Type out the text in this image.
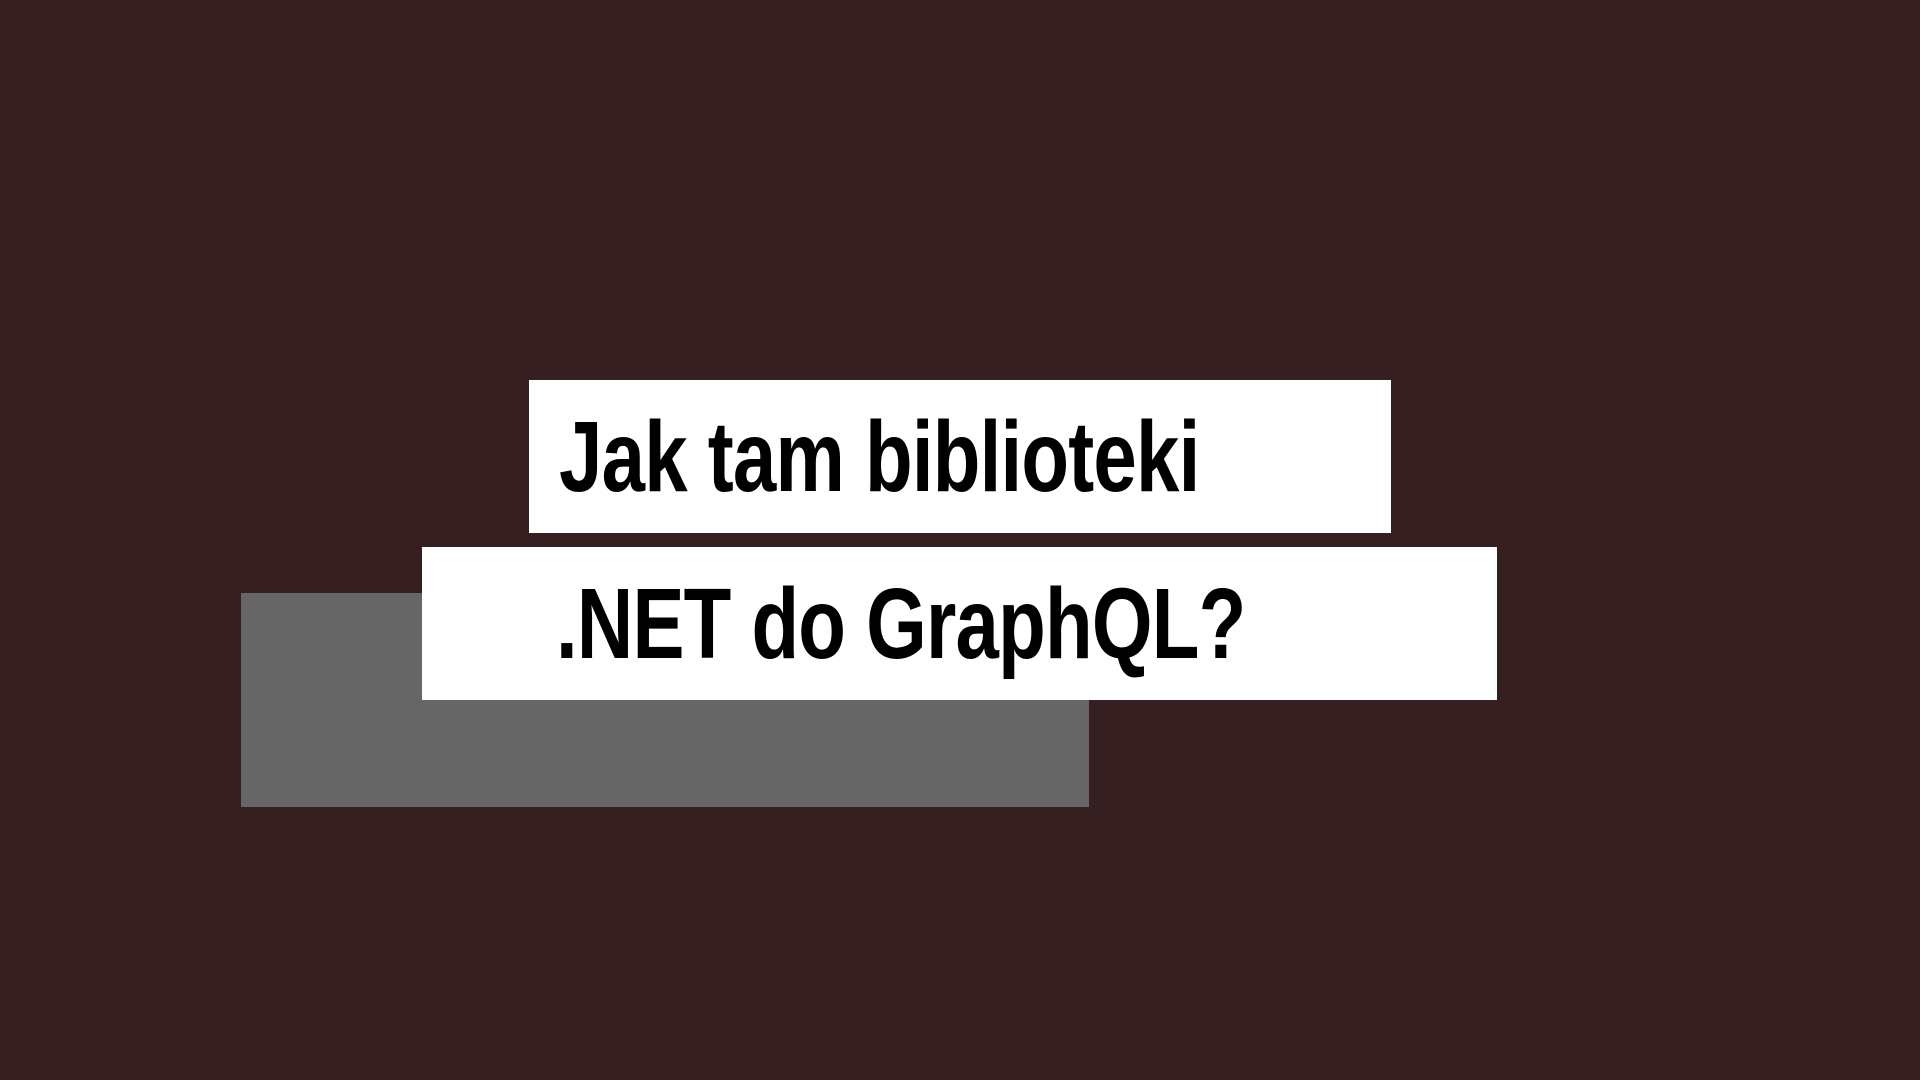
Jak tam biblioteki
.NET do GraphQL?
